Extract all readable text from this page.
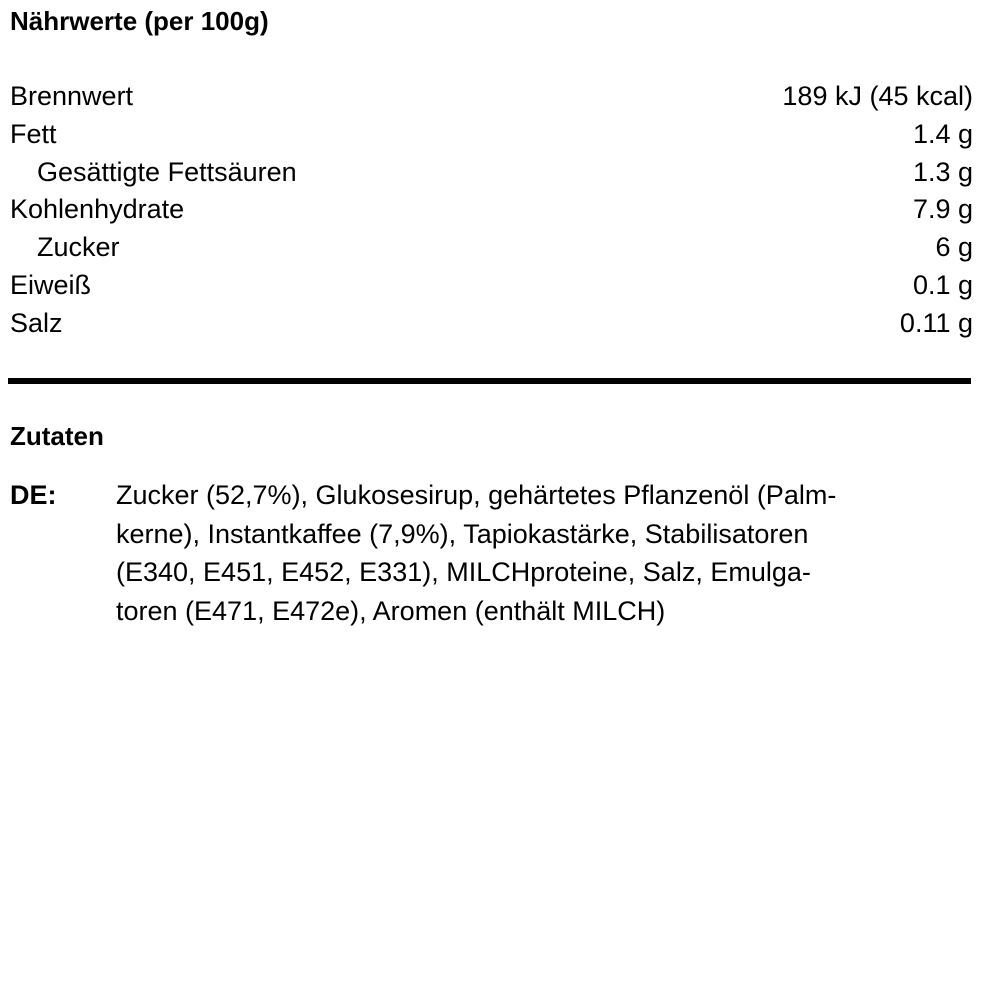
Nährwerte (per 100g)
Brennwert	189 kJ (45 kcal)
Fett	1.4 g
Gesättigte Fettsäuren	1.3 g
Kohlenhydrate	7.9 g
Zucker	6 g
Eiweiß	0.1 g
Salz	0.11 g
Zutaten
DE: Zucker (52,7%), Glukosesirup, gehärtetes Pflanzenöl (Palm-
kerne), Instantkaffee (7,9%), Tapiokastärke, Stabilisatoren
(E340, E451, E452, E331), MILCHproteine, Salz, Emulga-
toren (E471, E472e), Aromen (enthält MILCH)
